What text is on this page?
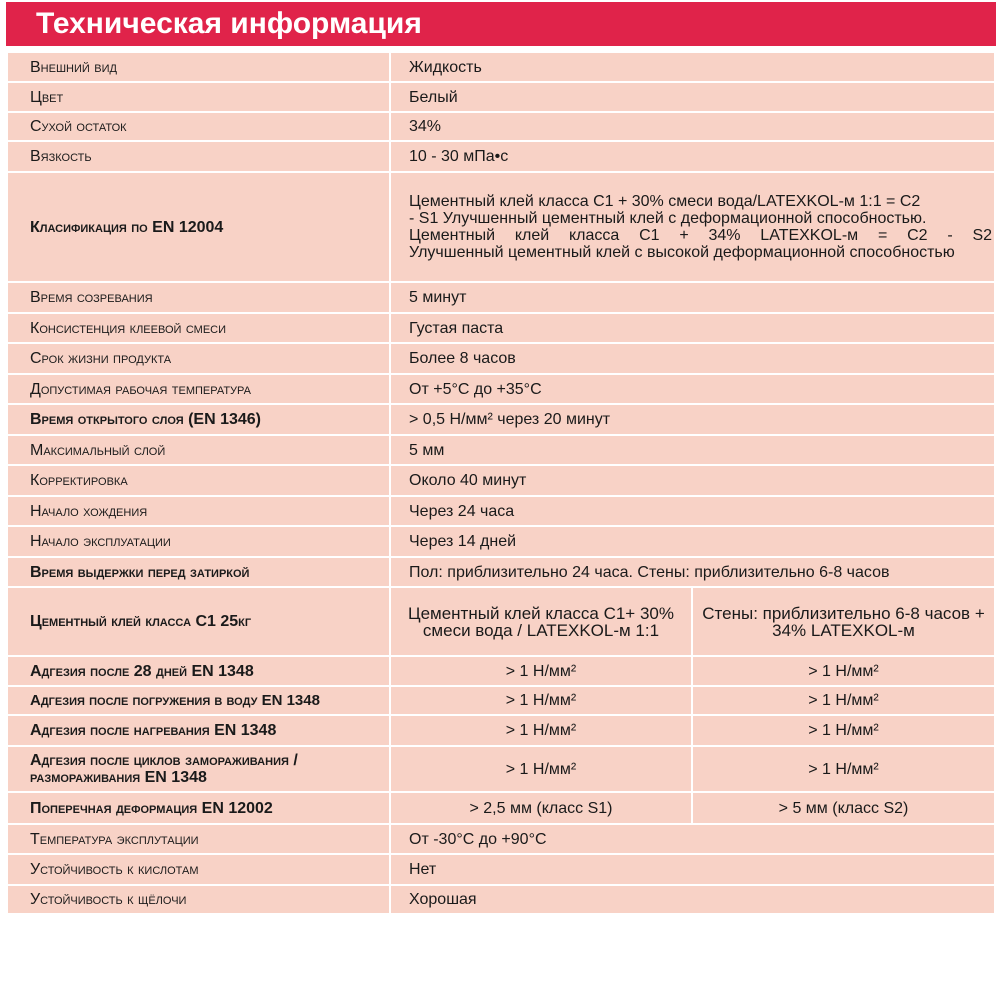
Техническая информация
Внешний вид	Жидкость	
Цвет	Белый	
Сухой остаток	34%	
Вязкость	10 - 30 мПа•с	
Класификация по EN 12004	Цементный клей класса С1 + 30% смеси вода/LATEXKOL-м 1:1 = C2
- S1 Улучшенный цементный клей с деформационной способностью.
Цементный клей класса C1 + 34% LATEXKOL-м = C2 - S2
Улучшенный цементный клей с высокой деформационной способностью	

Время созревания	5 минут	
Консистенция клеевой смеси	Густая паста	
Срок жизни продукта	Более 8 часов	
Допустимая рабочая температура	От +5°С до +35°С	
Время открытого слоя (EN 1346)	> 0,5 Н/мм² через 20 минут	
Максимальный слой	5 мм	
Корректировка	Около 40 минут	
Начало хождения	Через 24 часа	
Начало эксплуатации	Через 14 дней	
Время выдержки перед затиркой	Пол: приблизительно 24 часа. Стены: приблизительно 6-8 часов	
Цементный клей класса С1 25кг	Цементный клей класса С1+ 30% смеси вода / LATEXKOL-м 1:1	Стены: приблизительно 6-8 часов + 34% LATEXKOL-м
Адгезия после 28 дней EN 1348	> 1 Н/мм²	> 1 Н/мм²
Адгезия после погружения в воду EN 1348	> 1 Н/мм²	> 1 Н/мм²
Адгезия после нагревания EN 1348	> 1 Н/мм²	> 1 Н/мм²
Адгезия после циклов замораживания / размораживания EN 1348	> 1 Н/мм²	> 1 Н/мм²
Поперечная деформация EN 12002	> 2,5 мм (класс S1)	> 5 мм (класс S2)
Температура эксплутации	От -30°С до +90°С	
Устойчивость к кислотам	Нет	
Устойчивость к щёлочи	Хорошая	
